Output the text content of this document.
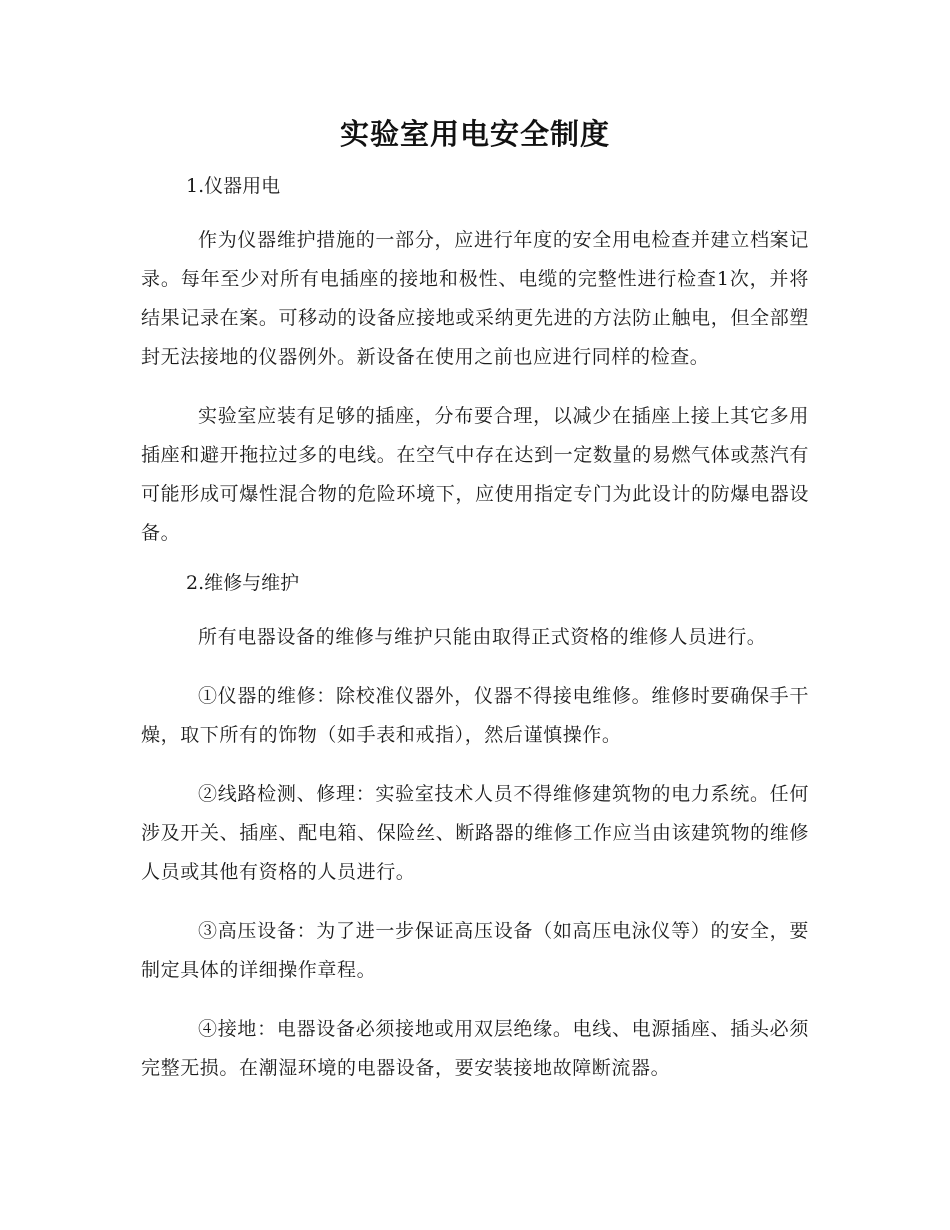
实验室用电安全制度
1.仪器用电

作为仪器维护措施的一部分，应进行年度的安全用电检查并建立档案记录。每年至少对所有电插座的接地和极性、电缆的完整性进行检查1次，并将结果记录在案。可移动的设备应接地或采纳更先进的方法防止触电，但全部塑封无法接地的仪器例外。新设备在使用之前也应进行同样的检查。

实验室应装有足够的插座，分布要合理，以减少在插座上接上其它多用插座和避开拖拉过多的电线。在空气中存在达到一定数量的易燃气体或蒸汽有可能形成可爆性混合物的危险环境下，应使用指定专门为此设计的防爆电器设备。

2.维修与维护

所有电器设备的维修与维护只能由取得正式资格的维修人员进行。

①仪器的维修：除校准仪器外，仪器不得接电维修。维修时要确保手干燥，取下所有的饰物（如手表和戒指），然后谨慎操作。

②线路检测、修理：实验室技术人员不得维修建筑物的电力系统。任何涉及开关、插座、配电箱、保险丝、断路器的维修工作应当由该建筑物的维修人员或其他有资格的人员进行。

③高压设备：为了进一步保证高压设备（如高压电泳仪等）的安全，要制定具体的详细操作章程。

④接地：电器设备必须接地或用双层绝缘。电线、电源插座、插头必须完整无损。在潮湿环境的电器设备，要安装接地故障断流器。
